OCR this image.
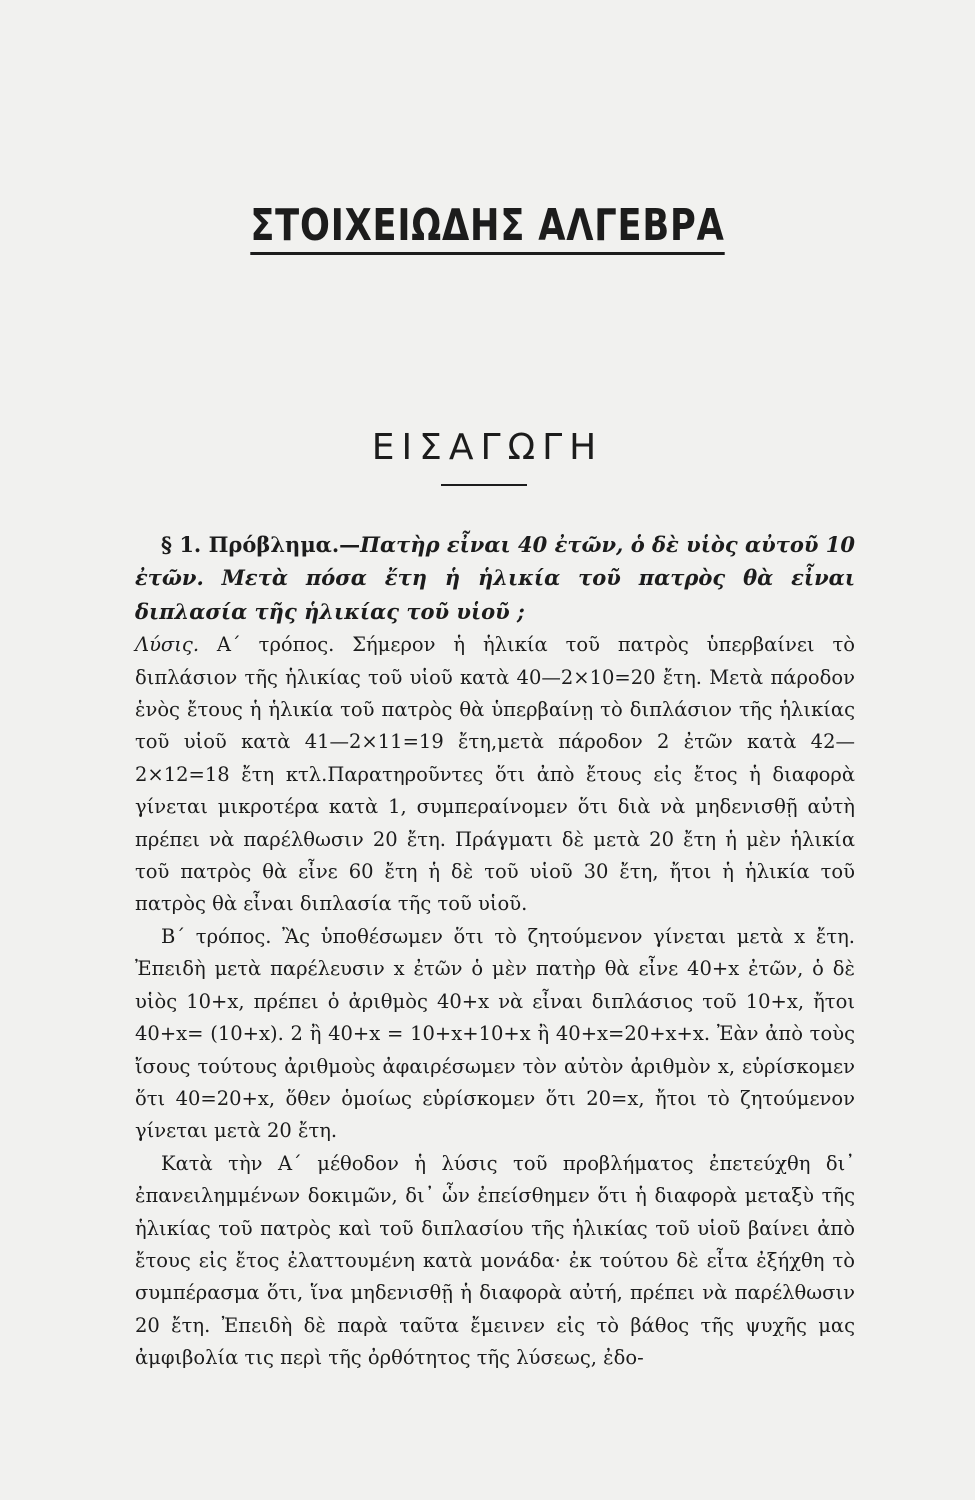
ΣΤΟΙΧΕΙΩΔΗΣ ΑΛΓΕΒΡΑ
ΕΙΣΑΓΩΓΗ

§ 1. Πρόβλημα.—Πατὴρ εἶναι 40 ἐτῶν, ὁ δὲ υἱὸς αὐτοῦ 10 ἐτῶν. Μετὰ πόσα ἔτη ἡ ἡλικία τοῦ πατρὸς θὰ εἶναι διπλασία τῆς ἡλικίας τοῦ υἱοῦ ;

Λύσις. Α΄ τρόπος. Σήμερον ἡ ἡλικία τοῦ πατρὸς ὑπερβαίνει τὸ διπλάσιον τῆς ἡλικίας τοῦ υἱοῦ κατὰ 40—2×10=20 ἔτη. Μετὰ πάροδον ἑνὸς ἔτους ἡ ἡλικία τοῦ πατρὸς θὰ ὑπερβαίνῃ τὸ διπλάσιον τῆς ἡλικίας τοῦ υἱοῦ κατὰ 41—2×11=19 ἔτη,μετὰ πάροδον 2 ἐτῶν κατὰ 42—2×12=18 ἔτη κτλ.Παρατηροῦντες ὅτι ἀπὸ ἔτους εἰς ἔτος ἡ διαφορὰ γίνεται μικροτέρα κατὰ 1, συμπεραίνομεν ὅτι διὰ νὰ μηδενισθῇ αὐτὴ πρέπει νὰ παρέλθωσιν 20 ἔτη. Πράγματι δὲ μετὰ 20 ἔτη ἡ μὲν ἡλικία τοῦ πατρὸς θὰ εἶνε 60 ἔτη ἡ δὲ τοῦ υἱοῦ 30 ἔτη, ἤτοι ἡ ἡλικία τοῦ πατρὸς θὰ εἶναι διπλασία τῆς τοῦ υἱοῦ.

Β΄ τρόπος. Ἂς ὑποθέσωμεν ὅτι τὸ ζητούμενον γίνεται μετὰ x ἔτη. Ἐπειδὴ μετὰ παρέλευσιν x ἐτῶν ὁ μὲν πατὴρ θὰ εἶνε 40+x ἐτῶν, ὁ δὲ υἱὸς 10+x, πρέπει ὁ ἀριθμὸς 40+x νὰ εἶναι διπλάσιος τοῦ 10+x, ἤτοι 40+x= (10+x). 2 ἢ 40+x = 10+x+10+x ἢ 40+x=20+x+x. Ἐὰν ἀπὸ τοὺς ἴσους τούτους ἀριθμοὺς ἀφαιρέσωμεν τὸν αὐτὸν ἀριθμὸν x, εὑρίσκομεν ὅτι 40=20+x, ὅθεν ὁμοίως εὑρίσκομεν ὅτι 20=x, ἤτοι τὸ ζητούμενον γίνεται μετὰ 20 ἔτη.

Κατὰ τὴν Α΄ μέθοδον ἡ λύσις τοῦ προβλήματος ἐπετεύχθη δι᾽ ἐπανειλημμένων δοκιμῶν, δι᾽ ὧν ἐπείσθημεν ὅτι ἡ διαφορὰ μεταξὺ τῆς ἡλικίας τοῦ πατρὸς καὶ τοῦ διπλασίου τῆς ἡλικίας τοῦ υἱοῦ βαίνει ἀπὸ ἔτους εἰς ἔτος ἐλαττουμένη κατὰ μονάδα· ἐκ τούτου δὲ εἶτα ἐξήχθη τὸ συμπέρασμα ὅτι, ἵνα μηδενισθῇ ἡ διαφορὰ αὐτή, πρέπει νὰ παρέλθωσιν 20 ἔτη. Ἐπειδὴ δὲ παρὰ ταῦτα ἔμεινεν εἰς τὸ βάθος τῆς ψυχῆς μας ἀμφιβολία τις περὶ τῆς ὀρθότητος τῆς λύσεως, ἐδο-
